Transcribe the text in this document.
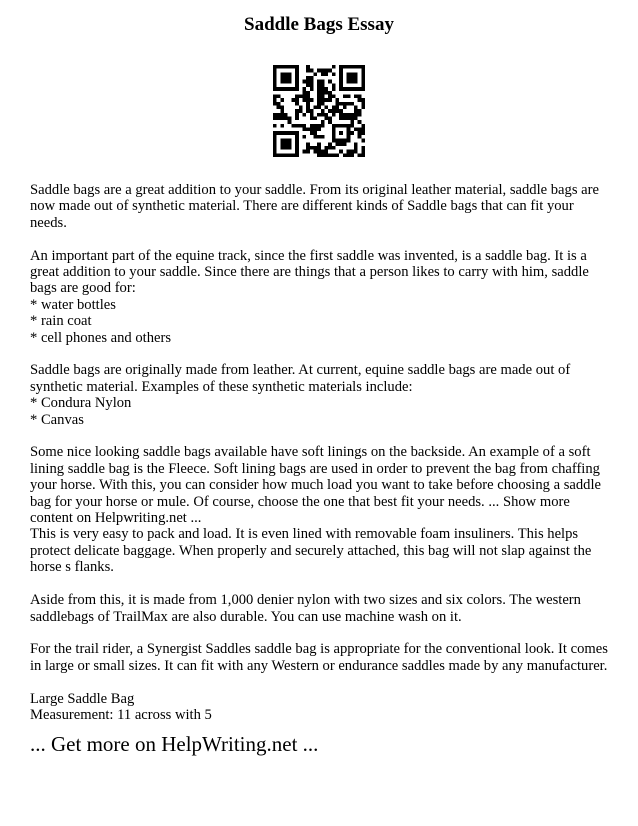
Saddle Bags Essay

Saddle bags are a great addition to your saddle. From its original leather material, saddle bags are now made out of synthetic material. There are different kinds of Saddle bags that can fit your needs.

An important part of the equine track, since the first saddle was invented, is a saddle bag. It is a great addition to your saddle. Since there are things that a person likes to carry with him, saddle bags are good for:
* water bottles
* rain coat
* cell phones and others

Saddle bags are originally made from leather. At current, equine saddle bags are made out of synthetic material. Examples of these synthetic materials include:
* Condura Nylon
* Canvas

Some nice looking saddle bags available have soft linings on the backside. An example of a soft lining saddle bag is the Fleece. Soft lining bags are used in order to prevent the bag from chaffing your horse. With this, you can consider how much load you want to take before choosing a saddle bag for your horse or mule. Of course, choose the one that best fit your needs. ... Show more content on Helpwriting.net ...
This is very easy to pack and load. It is even lined with removable foam insuliners. This helps protect delicate baggage. When properly and securely attached, this bag will not slap against the horse s flanks.

Aside from this, it is made from 1,000 denier nylon with two sizes and six colors. The western saddlebags of TrailMax are also durable. You can use machine wash on it.

For the trail rider, a Synergist Saddles saddle bag is appropriate for the conventional look. It comes in large or small sizes. It can fit with any Western or endurance saddles made by any manufacturer.

Large Saddle Bag
Measurement: 11 across with 5

... Get more on HelpWriting.net ...
